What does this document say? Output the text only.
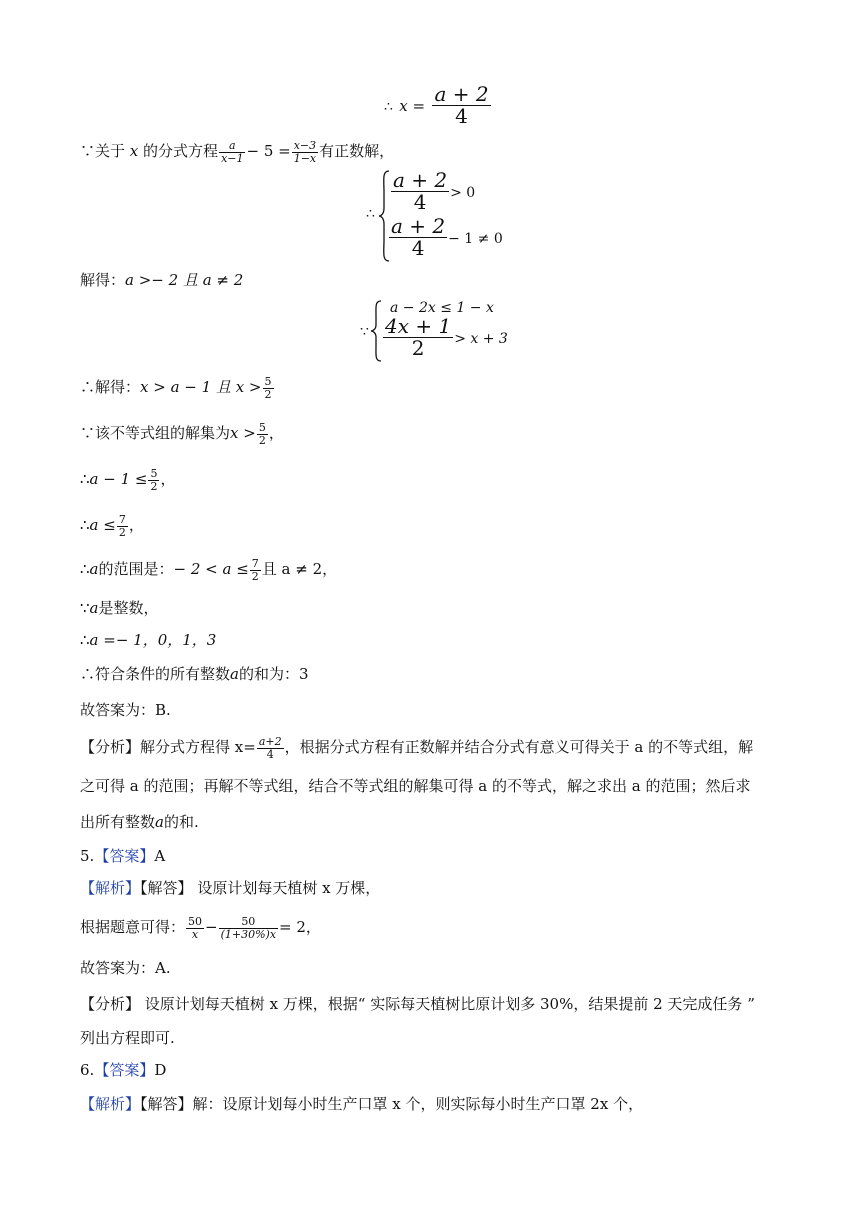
∴ $x = \frac{a + 2}{4}$
∵关于 x 的分式方程 $\frac{a}{x-1} - 5 = \frac{x-3}{1-x}$ 有正数解，
∴
$\frac{a + 2}{4} > 0$
$\frac{a + 2}{4} - 1 \ne 0$
解得：a >− 2 且 a ≠ 2
∵
a − 2x ≤ 1 − x
$\frac{4x + 1}{2} > x + 3$
∴解得：x > a − 1 且 $x > \frac{5}{2}$
∵该不等式组的解集为$x > \frac{5}{2}$ ，
∴a − $1 \le \frac{5}{2}$ ，
∴a ≤ $\frac{7}{2}$ ，
∴a的范围是：− $2 < a \le \frac{7}{2}$ 且 a ≠ 2，
∵a是整数，
∴a =− 1，0，1，3
∴符合条件的所有整数a的和为：3
故答案为：B.
【分析】解分式方程得 $x= \frac{a+2}{4}$ ，根据分式方程有正数解并结合分式有意义可得关于 a 的不等式组，解
之可得 a 的范围；再解不等式组，结合不等式组的解集可得 a 的不等式，解之求出 a 的范围；然后求
出所有整数a的和.
5.【答案】A
【解析】【解答】 设原计划每天植树 x 万棵，
根据题意可得： $\frac{50}{x} - \frac{50}{(1+30\%)x} = 2$，
故答案为：A.
【分析】 设原计划每天植树 x 万棵，根据“ 实际每天植树比原计划多 30%，结果提前 2 天完成任务 ”
列出方程即可.
6.【答案】D
【解析】【解答】解：设原计划每小时生产口罩 x 个，则实际每小时生产口罩 2x 个，
